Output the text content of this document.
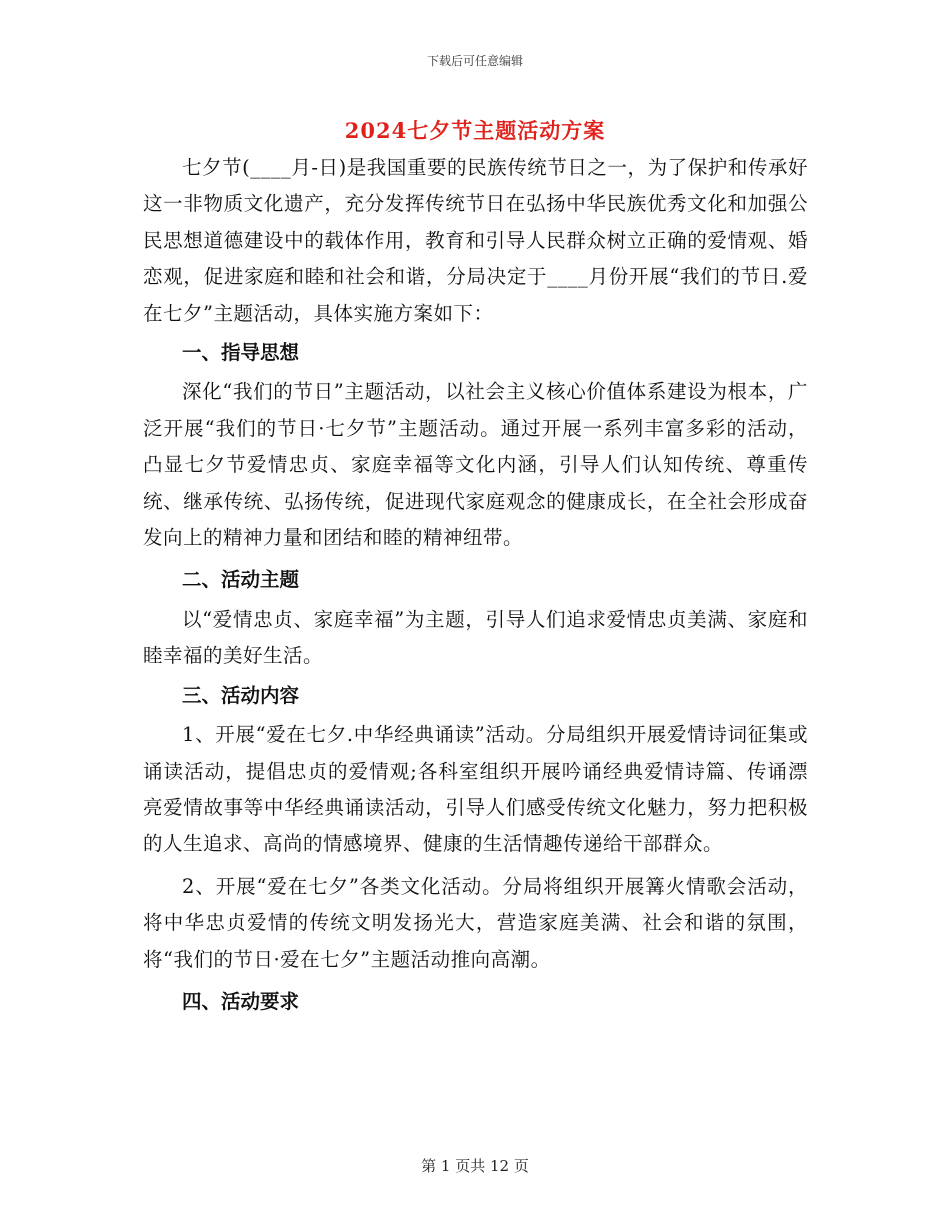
下载后可任意编辑
2024七夕节主题活动方案

七夕节(____月-日)是我国重要的民族传统节日之一，为了保护和传承好这一非物质文化遗产，充分发挥传统节日在弘扬中华民族优秀文化和加强公民思想道德建设中的载体作用，教育和引导人民群众树立正确的爱情观、婚恋观，促进家庭和睦和社会和谐，分局决定于____月份开展“我们的节日.爱在七夕”主题活动，具体实施方案如下：

一、指导思想

深化“我们的节日”主题活动，以社会主义核心价值体系建设为根本，广泛开展“我们的节日·七夕节”主题活动。通过开展一系列丰富多彩的活动，凸显七夕节爱情忠贞、家庭幸福等文化内涵，引导人们认知传统、尊重传统、继承传统、弘扬传统，促进现代家庭观念的健康成长，在全社会形成奋发向上的精神力量和团结和睦的精神纽带。

二、活动主题

以“爱情忠贞、家庭幸福”为主题，引导人们追求爱情忠贞美满、家庭和睦幸福的美好生活。

三、活动内容

1、开展“爱在七夕.中华经典诵读”活动。分局组织开展爱情诗词征集或诵读活动，提倡忠贞的爱情观;各科室组织开展吟诵经典爱情诗篇、传诵漂亮爱情故事等中华经典诵读活动，引导人们感受传统文化魅力，努力把积极的人生追求、高尚的情感境界、健康的生活情趣传递给干部群众。

2、开展“爱在七夕”各类文化活动。分局将组织开展篝火情歌会活动，将中华忠贞爱情的传统文明发扬光大，营造家庭美满、社会和谐的氛围，将“我们的节日·爱在七夕”主题活动推向高潮。

四、活动要求
第 1 页共 12 页
